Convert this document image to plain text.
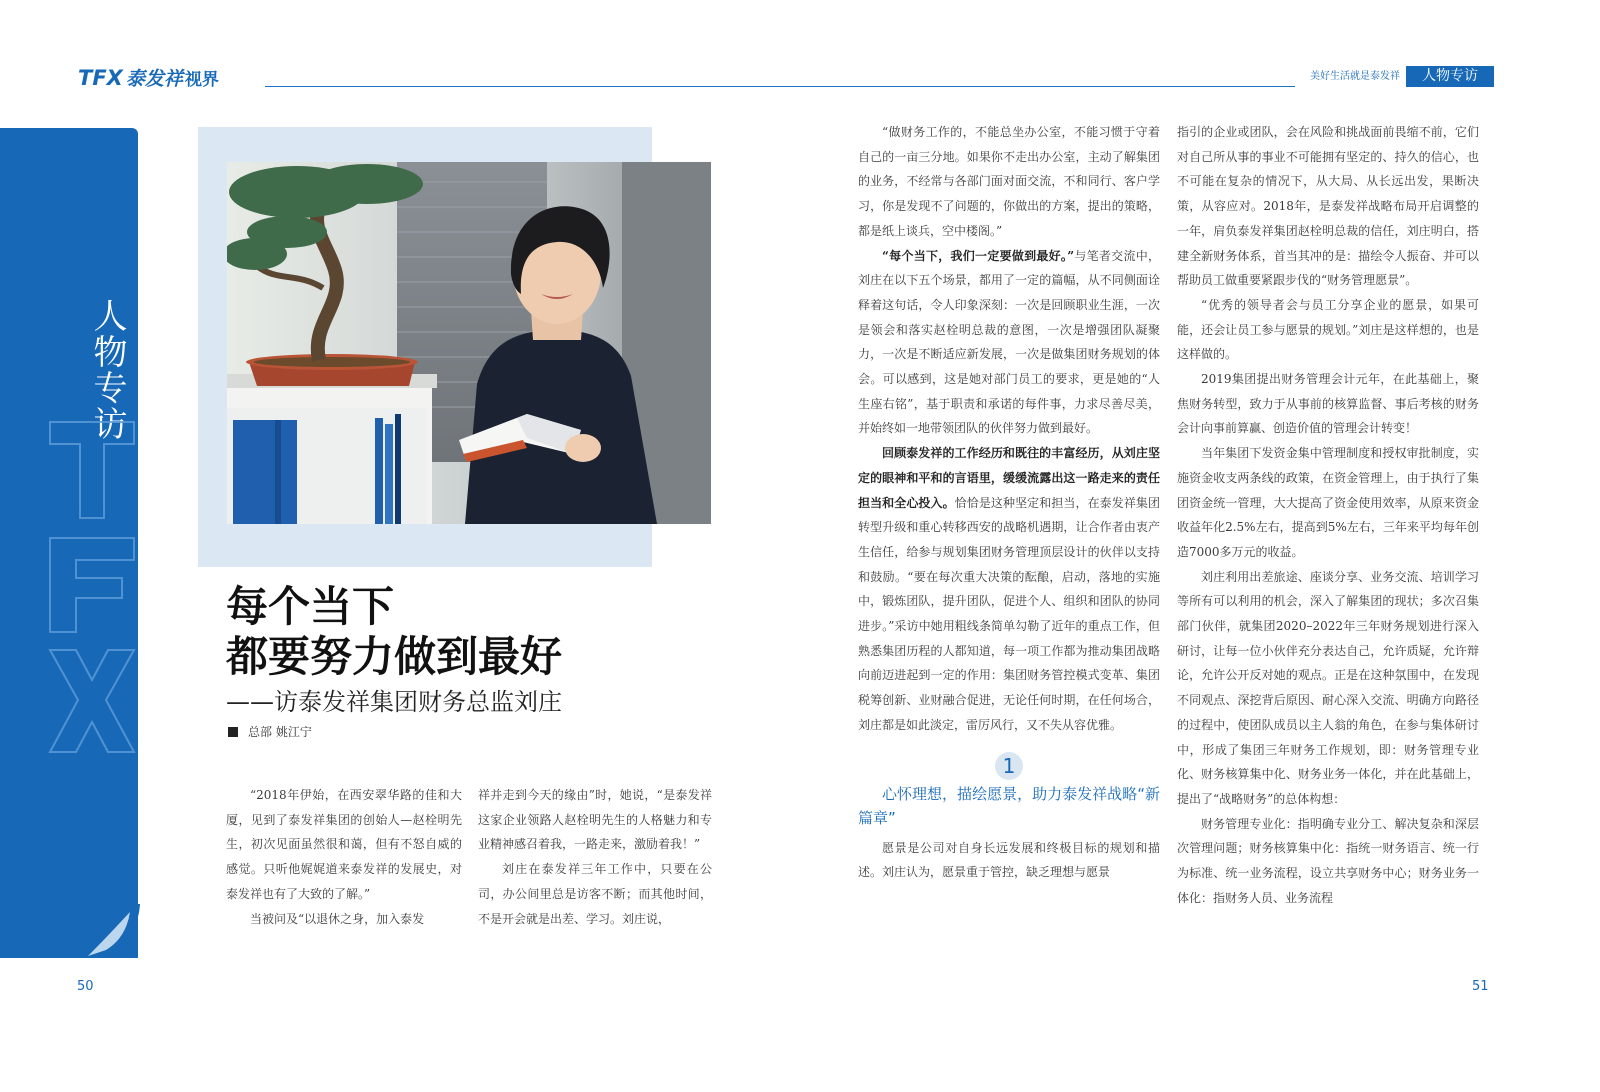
TFX 泰发祥 视界	美好生活就是泰发祥	人物专访
人物专访
每个当下
都要努力做到最好
——访泰发祥集团财务总监刘庄
总部 姚江宁

“2018年伊始，在西安翠华路的佳和大厦，见到了泰发祥集团的创始人—赵栓明先生，初次见面虽然很和蔼，但有不怒自威的感觉。只听他娓娓道来泰发祥的发展史，对泰发祥也有了大致的了解。”

当被问及“以退休之身，加入泰发

祥并走到今天的缘由”时，她说，“是泰发祥这家企业领路人赵栓明先生的人格魅力和专业精神感召着我，一路走来，激励着我！”

刘庄在泰发祥三年工作中，只要在公司，办公间里总是访客不断；而其他时间，不是开会就是出差、学习。刘庄说，

“做财务工作的，不能总坐办公室，不能习惯于守着自己的一亩三分地。如果你不走出办公室，主动了解集团的业务，不经常与各部门面对面交流，不和同行、客户学习，你是发现不了问题的，你做出的方案，提出的策略，都是纸上谈兵，空中楼阁。”

“每个当下，我们一定要做到最好。”与笔者交流中，刘庄在以下五个场景，都用了一定的篇幅，从不同侧面诠释着这句话，令人印象深刻：一次是回顾职业生涯，一次是领会和落实赵栓明总裁的意图，一次是增强团队凝聚力，一次是不断适应新发展，一次是做集团财务规划的体会。可以感到，这是她对部门员工的要求，更是她的“人生座右铭”，基于职责和承诺的每件事，力求尽善尽美，并始终如一地带领团队的伙伴努力做到最好。

回顾泰发祥的工作经历和既往的丰富经历，从刘庄坚定的眼神和平和的言语里，缓缓流露出这一路走来的责任担当和全心投入。恰恰是这种坚定和担当，在泰发祥集团转型升级和重心转移西安的战略机遇期，让合作者由衷产生信任，给参与规划集团财务管理顶层设计的伙伴以支持和鼓励。“要在每次重大决策的酝酿，启动，落地的实施中，锻炼团队，提升团队，促进个人、组织和团队的协同进步。”采访中她用粗线条简单勾勒了近年的重点工作，但熟悉集团历程的人都知道，每一项工作都为推动集团战略向前迈进起到一定的作用：集团财务管控模式变革、集团税筹创新、业财融合促进，无论任何时期，在任何场合，刘庄都是如此淡定，雷厉风行，又不失从容优雅。

1
心怀理想，描绘愿景，助力泰发祥战略“新篇章”

愿景是公司对自身长远发展和终极目标的规划和描述。刘庄认为，愿景重于管控，缺乏理想与愿景

指引的企业或团队，会在风险和挑战面前畏缩不前，它们对自己所从事的事业不可能拥有坚定的、持久的信心，也不可能在复杂的情况下，从大局、从长远出发，果断决策，从容应对。2018年，是泰发祥战略布局开启调整的一年，肩负泰发祥集团赵栓明总裁的信任，刘庄明白，搭建全新财务体系，首当其冲的是：描绘令人振奋、并可以帮助员工做重要紧跟步伐的“财务管理愿景”。

“优秀的领导者会与员工分享企业的愿景，如果可能，还会让员工参与愿景的规划。”刘庄是这样想的，也是这样做的。

2019集团提出财务管理会计元年，在此基础上，聚焦财务转型，致力于从事前的核算监督、事后考核的财务会计向事前算赢、创造价值的管理会计转变！

当年集团下发资金集中管理制度和授权审批制度，实施资金收支两条线的政策，在资金管理上，由于执行了集团资金统一管理，大大提高了资金使用效率，从原来资金收益年化2.5%左右，提高到5%左右，三年来平均每年创造7000多万元的收益。

刘庄利用出差旅途、座谈分享、业务交流、培训学习等所有可以利用的机会，深入了解集团的现状；多次召集部门伙伴，就集团2020–2022年三年财务规划进行深入研讨，让每一位小伙伴充分表达自己，允许质疑，允许辩论，允许公开反对她的观点。正是在这种氛围中，在发现不同观点、深挖背后原因、耐心深入交流、明确方向路径的过程中，使团队成员以主人翁的角色，在参与集体研讨中，形成了集团三年财务工作规划，即：财务管理专业化、财务核算集中化、财务业务一体化，并在此基础上，提出了“战略财务”的总体构想：

财务管理专业化：指明确专业分工、解决复杂和深层次管理问题；财务核算集中化：指统一财务语言、统一行为标准、统一业务流程，设立共享财务中心；财务业务一体化：指财务人员、业务流程

50	51
